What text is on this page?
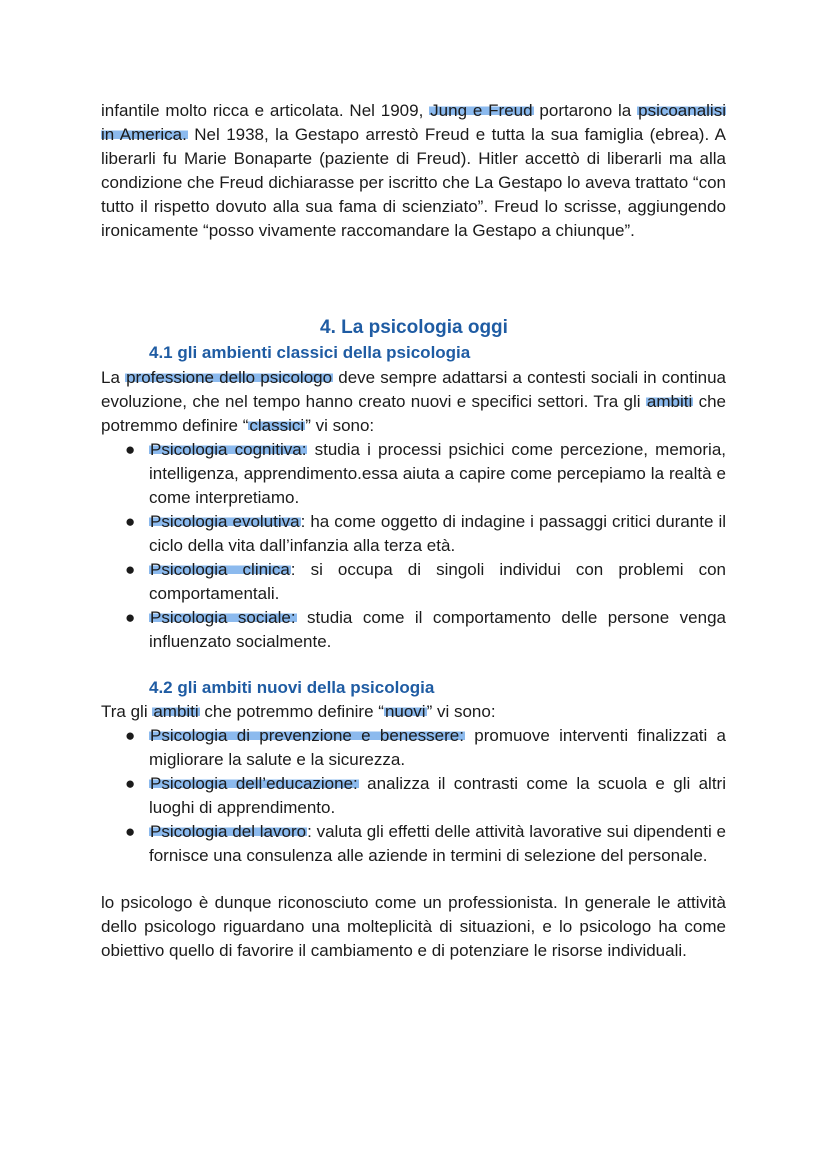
infantile molto ricca e articolata. Nel 1909, Jung e Freud portarono la psicoanalisi in America. Nel 1938, la Gestapo arrestò Freud e tutta la sua famiglia (ebrea). A liberarli fu Marie Bonaparte (paziente di Freud). Hitler accettò di liberarli ma alla condizione che Freud dichiarasse per iscritto che La Gestapo lo aveva trattato “con tutto il rispetto dovuto alla sua fama di scienziato”. Freud lo scrisse, aggiungendo ironicamente “posso vivamente raccomandare la Gestapo a chiunque”.

4. La psicologia oggi
4.1 gli ambienti classici della psicologia

La professione dello psicologo deve sempre adattarsi a contesti sociali in continua evoluzione, che nel tempo hanno creato nuovi e specifici settori. Tra gli ambiti che potremmo definire “classici” vi sono:

● Psicologia cognitiva: studia i processi psichici come percezione, memoria, intelligenza, apprendimento.essa aiuta a capire come percepiamo la realtà e come interpretiamo.
● Psicologia evolutiva: ha come oggetto di indagine i passaggi critici durante il ciclo della vita dall’infanzia alla terza età.
● Psicologia clinica: si occupa di singoli individui con problemi con comportamentali.
● Psicologia sociale: studia come il comportamento delle persone venga influenzato socialmente.
4.2 gli ambiti nuovi della psicologia

Tra gli ambiti che potremmo definire “nuovi” vi sono:

● Psicologia di prevenzione e benessere: promuove interventi finalizzati a migliorare la salute e la sicurezza.
● Psicologia dell’educazione: analizza il contrasti come la scuola e gli altri luoghi di apprendimento.
● Psicologia del lavoro: valuta gli effetti delle attività lavorative sui dipendenti e fornisce una consulenza alle aziende in termini di selezione del personale.

lo psicologo è dunque riconosciuto come un professionista. In generale le attività dello psicologo riguardano una molteplicità di situazioni, e lo psicologo ha come obiettivo quello di favorire il cambiamento e di potenziare le risorse individuali.
